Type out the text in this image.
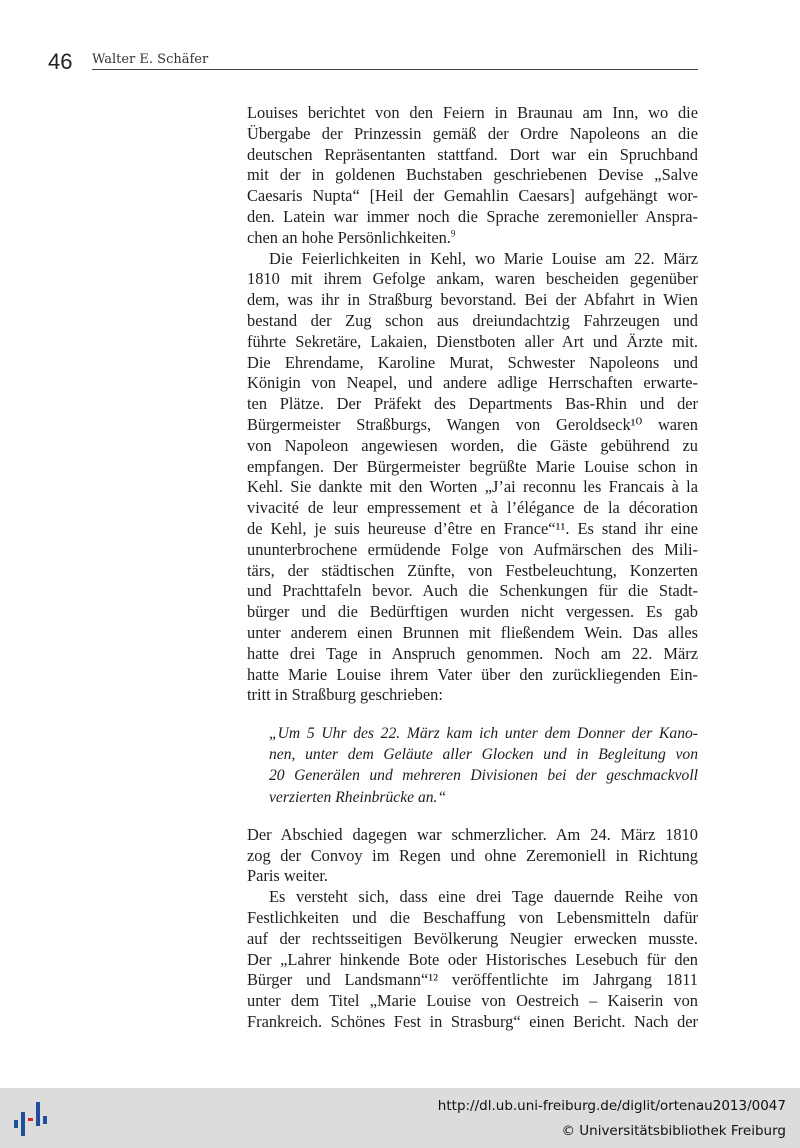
46 Walter E. Schäfer
Louises berichtet von den Feiern in Braunau am Inn, wo die
Übergabe der Prinzessin gemäß der Ordre Napoleons an die
deutschen Repräsentanten stattfand. Dort war ein Spruchband
mit der in goldenen Buchstaben geschriebenen Devise „Salve
Caesaris Nupta“ [Heil der Gemahlin Caesars] aufgehängt wor-
den. Latein war immer noch die Sprache zeremonieller Anspra-
chen an hohe Persönlichkeiten.$^9$
Die Feierlichkeiten in Kehl, wo Marie Louise am 22. März
1810 mit ihrem Gefolge ankam, waren bescheiden gegenüber
dem, was ihr in Straßburg bevorstand. Bei der Abfahrt in Wien
bestand der Zug schon aus dreiundachtzig Fahrzeugen und
führte Sekretäre, Lakaien, Dienstboten aller Art und Ärzte mit.
Die Ehrendame, Karoline Murat, Schwester Napoleons und
Königin von Neapel, und andere adlige Herrschaften erwarte-
ten Plätze. Der Präfekt des Departments Bas-Rhin und der
Bürgermeister Straßburgs, Wangen von Geroldseck¹⁰ waren
von Napoleon angewiesen worden, die Gäste gebührend zu
empfangen. Der Bürgermeister begrüßte Marie Louise schon in
Kehl. Sie dankte mit den Worten „J’ai reconnu les Francais à la
vivacité de leur empressement et à l’élégance de la décoration
de Kehl, je suis heureuse d’être en France“¹¹. Es stand ihr eine
ununterbrochene ermüdende Folge von Aufmärschen des Mili-
tärs, der städtischen Zünfte, von Festbeleuchtung, Konzerten
und Prachttafeln bevor. Auch die Schenkungen für die Stadt-
bürger und die Bedürftigen wurden nicht vergessen. Es gab
unter anderem einen Brunnen mit fließendem Wein. Das alles
hatte drei Tage in Anspruch genommen. Noch am 22. März
hatte Marie Louise ihrem Vater über den zurückliegenden Ein-
tritt in Straßburg geschrieben:
„Um 5 Uhr des 22. März kam ich unter dem Donner der Kano-
nen, unter dem Geläute aller Glocken und in Begleitung von
20 Generälen und mehreren Divisionen bei der geschmackvoll
verzierten Rheinbrücke an.“
Der Abschied dagegen war schmerzlicher. Am 24. März 1810
zog der Convoy im Regen und ohne Zeremoniell in Richtung
Paris weiter.
Es versteht sich, dass eine drei Tage dauernde Reihe von
Festlichkeiten und die Beschaffung von Lebensmitteln dafür
auf der rechtsseitigen Bevölkerung Neugier erwecken musste.
Der „Lahrer hinkende Bote oder Historisches Lesebuch für den
Bürger und Landsmann“¹² veröffentlichte im Jahrgang 1811
unter dem Titel „Marie Louise von Oestreich – Kaiserin von
Frankreich. Schönes Fest in Strasburg“ einen Bericht. Nach der
http://dl.ub.uni-freiburg.de/diglit/ortenau2013/0047
© Universitätsbibliothek Freiburg
